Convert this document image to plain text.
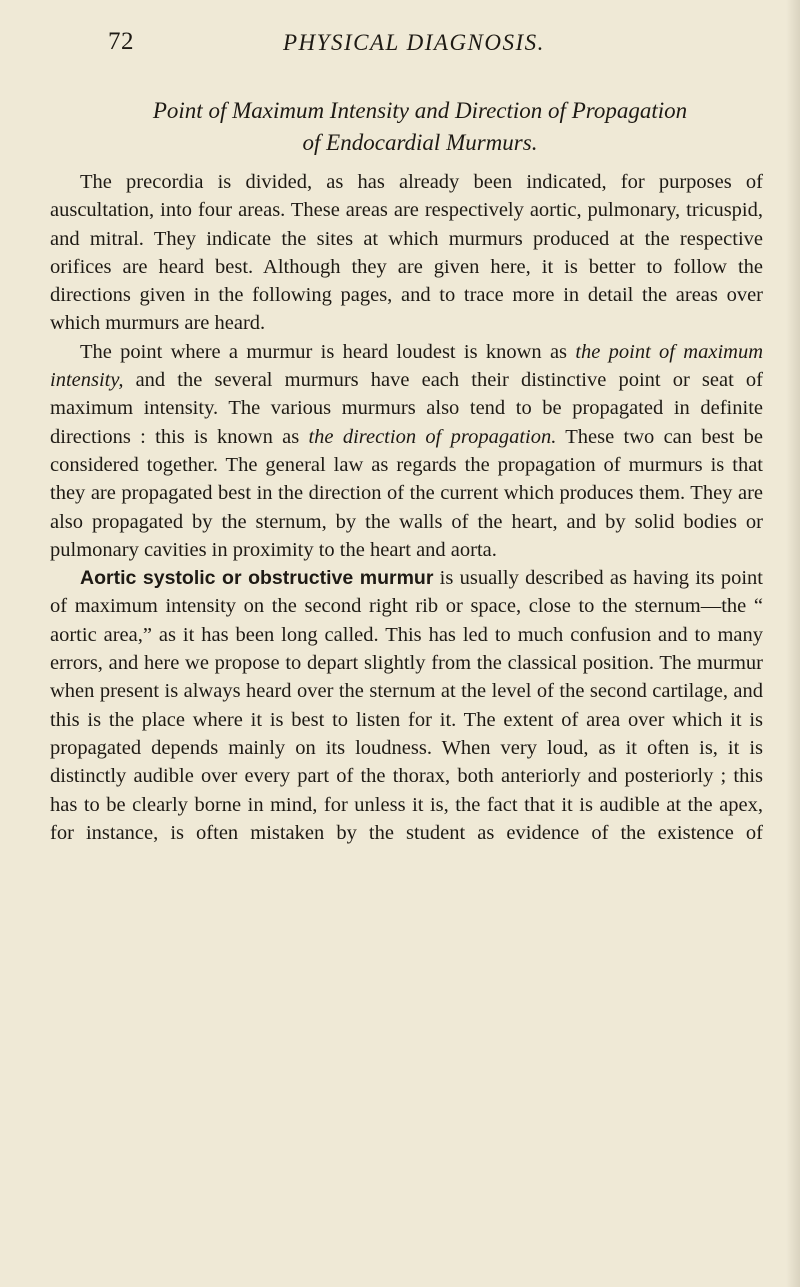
72	PHYSICAL DIAGNOSIS.
Point of Maximum Intensity and Direction of Propagation
of Endocardial Murmurs.

The precordia is divided, as has already been indicated, for purposes of auscultation, into four areas. These areas are respectively aortic, pulmonary, tricuspid, and mitral. They indicate the sites at which murmurs produced at the respective orifices are heard best. Although they are given here, it is better to follow the directions given in the following pages, and to trace more in detail the areas over which murmurs are heard.

The point where a murmur is heard loudest is known as the point of maximum intensity, and the several murmurs have each their distinctive point or seat of maximum intensity. The various murmurs also tend to be propagated in definite directions : this is known as the direction of propagation. These two can best be considered together. The general law as regards the propagation of murmurs is that they are propagated best in the direction of the current which produces them. They are also propagated by the sternum, by the walls of the heart, and by solid bodies or pulmonary cavities in proximity to the heart and aorta.

Aortic systolic or obstructive murmur is usually described as having its point of maximum intensity on the second right rib or space, close to the sternum—the “ aortic area,” as it has been long called. This has led to much confusion and to many errors, and here we propose to depart slightly from the classical position. The murmur when present is always heard over the sternum at the level of the second cartilage, and this is the place where it is best to listen for it. The extent of area over which it is propagated depends mainly on its loudness. When very loud, as it often is, it is distinctly audible over every part of the thorax, both anteriorly and posteriorly ; this has to be clearly borne in mind, for unless it is, the fact that it is audible at the apex, for instance, is often mistaken by the student as evidence of the existence of
